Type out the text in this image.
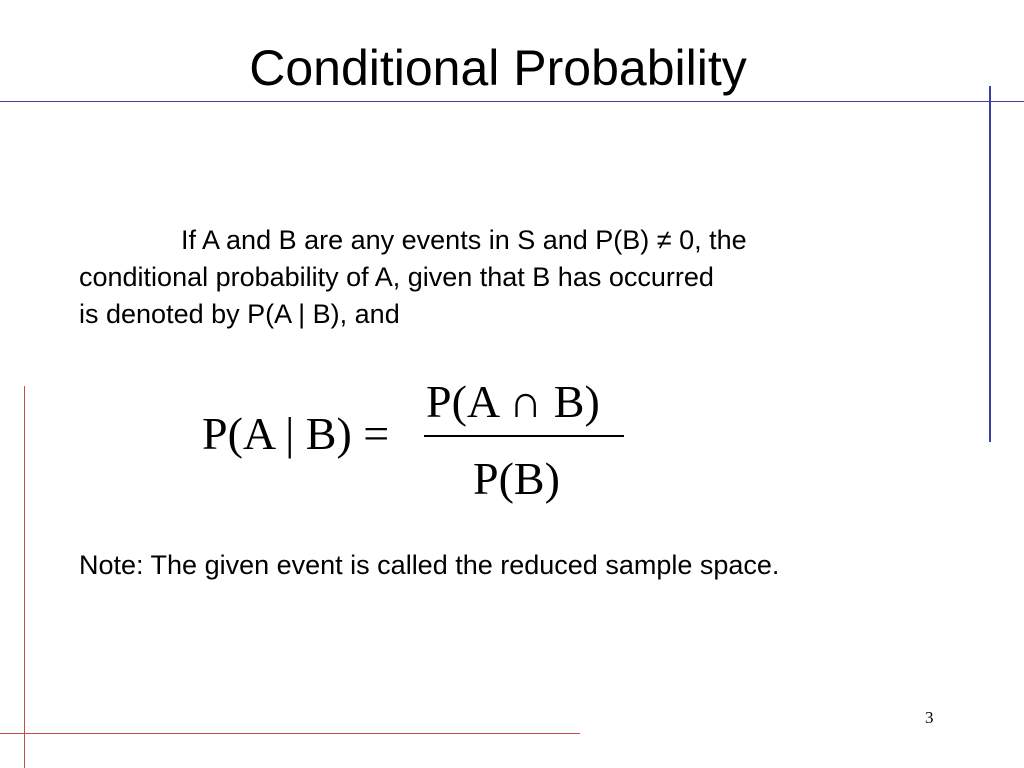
Conditional Probability
If A and B are any events in S and P(B) ≠ 0, the
conditional probability of A, given that B has occurred
is denoted by P(A | B), and
P(A | B) =
P(A ∩ B)
P(B)
Note: The given event is called the reduced sample space.
3
